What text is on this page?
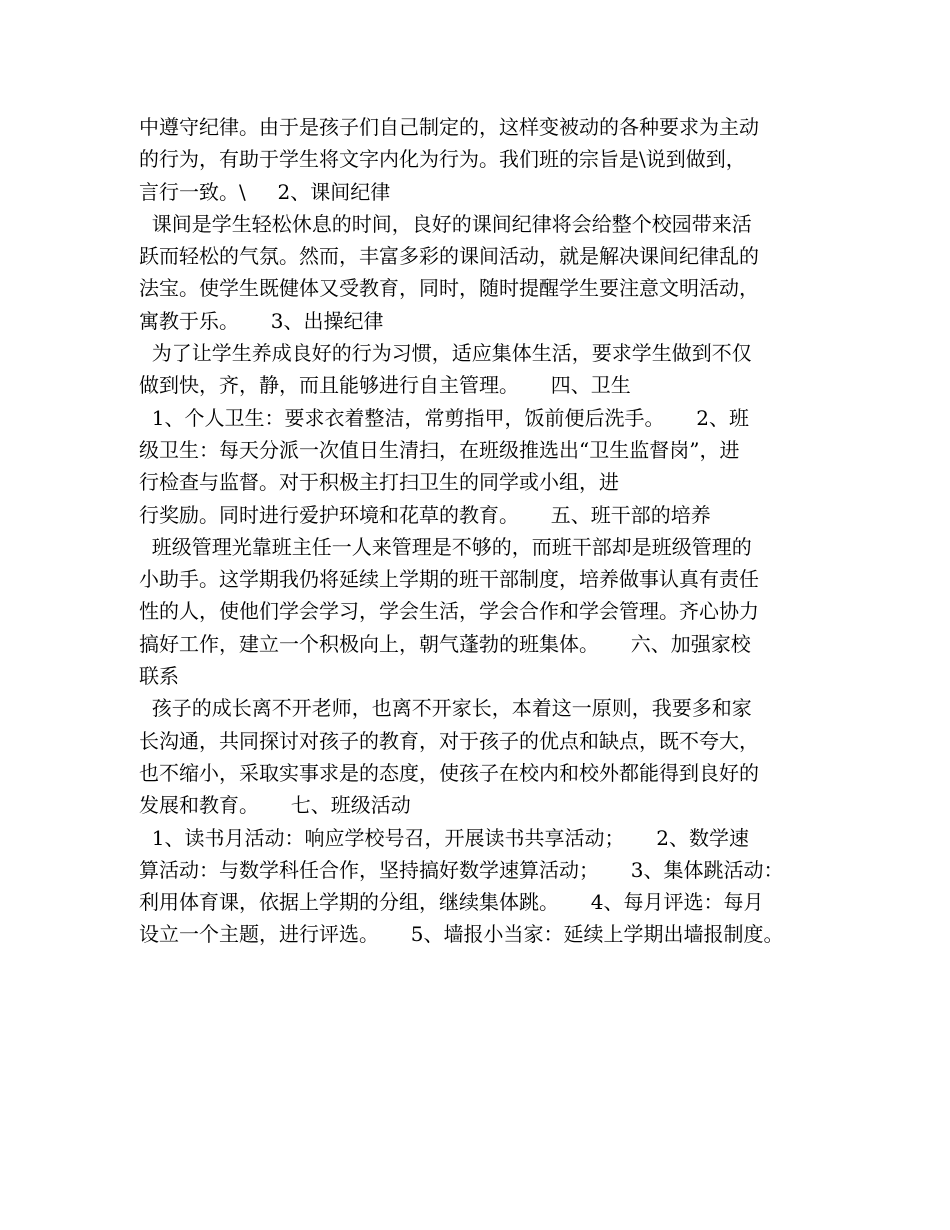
中遵守纪律。由于是孩子们自己制定的，这样变被动的各种要求为主动
的行为，有助于学生将文字内化为行为。我们班的宗旨是\说到做到，
言行一致。\     2、课间纪律
课间是学生轻松休息的时间，良好的课间纪律将会给整个校园带来活
跃而轻松的气氛。然而，丰富多彩的课间活动，就是解决课间纪律乱的
法宝。使学生既健体又受教育，同时，随时提醒学生要注意文明活动，
寓教于乐。     3、出操纪律
为了让学生养成良好的行为习惯，适应集体生活，要求学生做到不仅
做到快，齐，静，而且能够进行自主管理。     四、卫生
1、个人卫生：要求衣着整洁，常剪指甲，饭前便后洗手。     2、班
级卫生：每天分派一次值日生清扫，在班级推选出“卫生监督岗”，进
行检查与监督。对于积极主打扫卫生的同学或小组，进
行奖励。同时进行爱护环境和花草的教育。     五、班干部的培养
班级管理光靠班主任一人来管理是不够的，而班干部却是班级管理的
小助手。这学期我仍将延续上学期的班干部制度，培养做事认真有责任
性的人，使他们学会学习，学会生活，学会合作和学会管理。齐心协力
搞好工作，建立一个积极向上，朝气蓬勃的班集体。     六、加强家校
联系
孩子的成长离不开老师，也离不开家长，本着这一原则，我要多和家
长沟通，共同探讨对孩子的教育，对于孩子的优点和缺点，既不夸大，
也不缩小，采取实事求是的态度，使孩子在校内和校外都能得到良好的
发展和教育。     七、班级活动
1、读书月活动：响应学校号召，开展读书共享活动；     2、数学速
算活动：与数学科任合作，坚持搞好数学速算活动；     3、集体跳活动：
利用体育课，依据上学期的分组，继续集体跳。     4、每月评选：每月
设立一个主题，进行评选。     5、墙报小当家：延续上学期出墙报制度。
